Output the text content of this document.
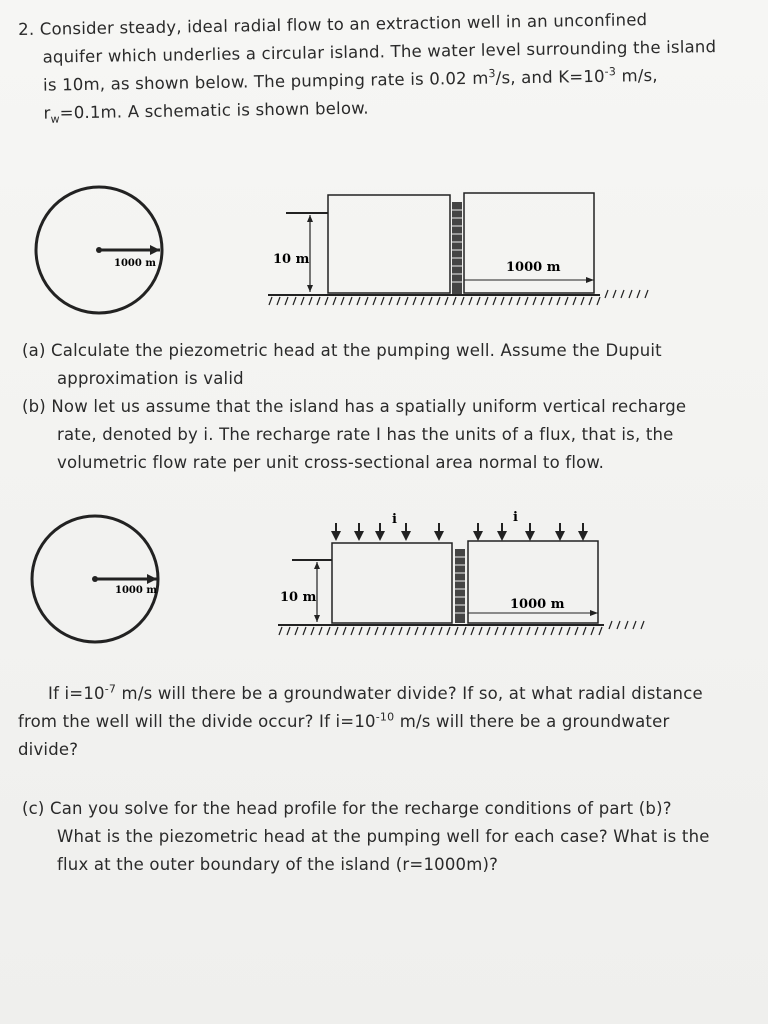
2. Consider steady, ideal radial flow to an extraction well in an unconfined
aquifer which underlies a circular island. The water level surrounding the island
is 10m, as shown below. The pumping rate is 0.02 $m^3/s$, and $K=10^{-3}$ m/s,
$r_w=0.1m$. A schematic is shown below.
1000 m	10 m
1000 m
(a) Calculate the piezometric head at the pumping well. Assume the Dupuit
approximation is valid
(b) Now let us assume that the island has a spatially uniform vertical recharge
rate, denoted by i. The recharge rate I has the units of a flux, that is, the
volumetric flow rate per unit cross-sectional area normal to flow.
1000 m
i	i
10 m	1000 m
If $i=10^{-7}$ m/s will there be a groundwater divide? If so, at what radial distance
from the well will the divide occur? If $i=10^{-10}$ m/s will there be a groundwater
divide?
(c) Can you solve for the head profile for the recharge conditions of part (b)?
What is the piezometric head at the pumping well for each case? What is the
flux at the outer boundary of the island (r=1000m)?
